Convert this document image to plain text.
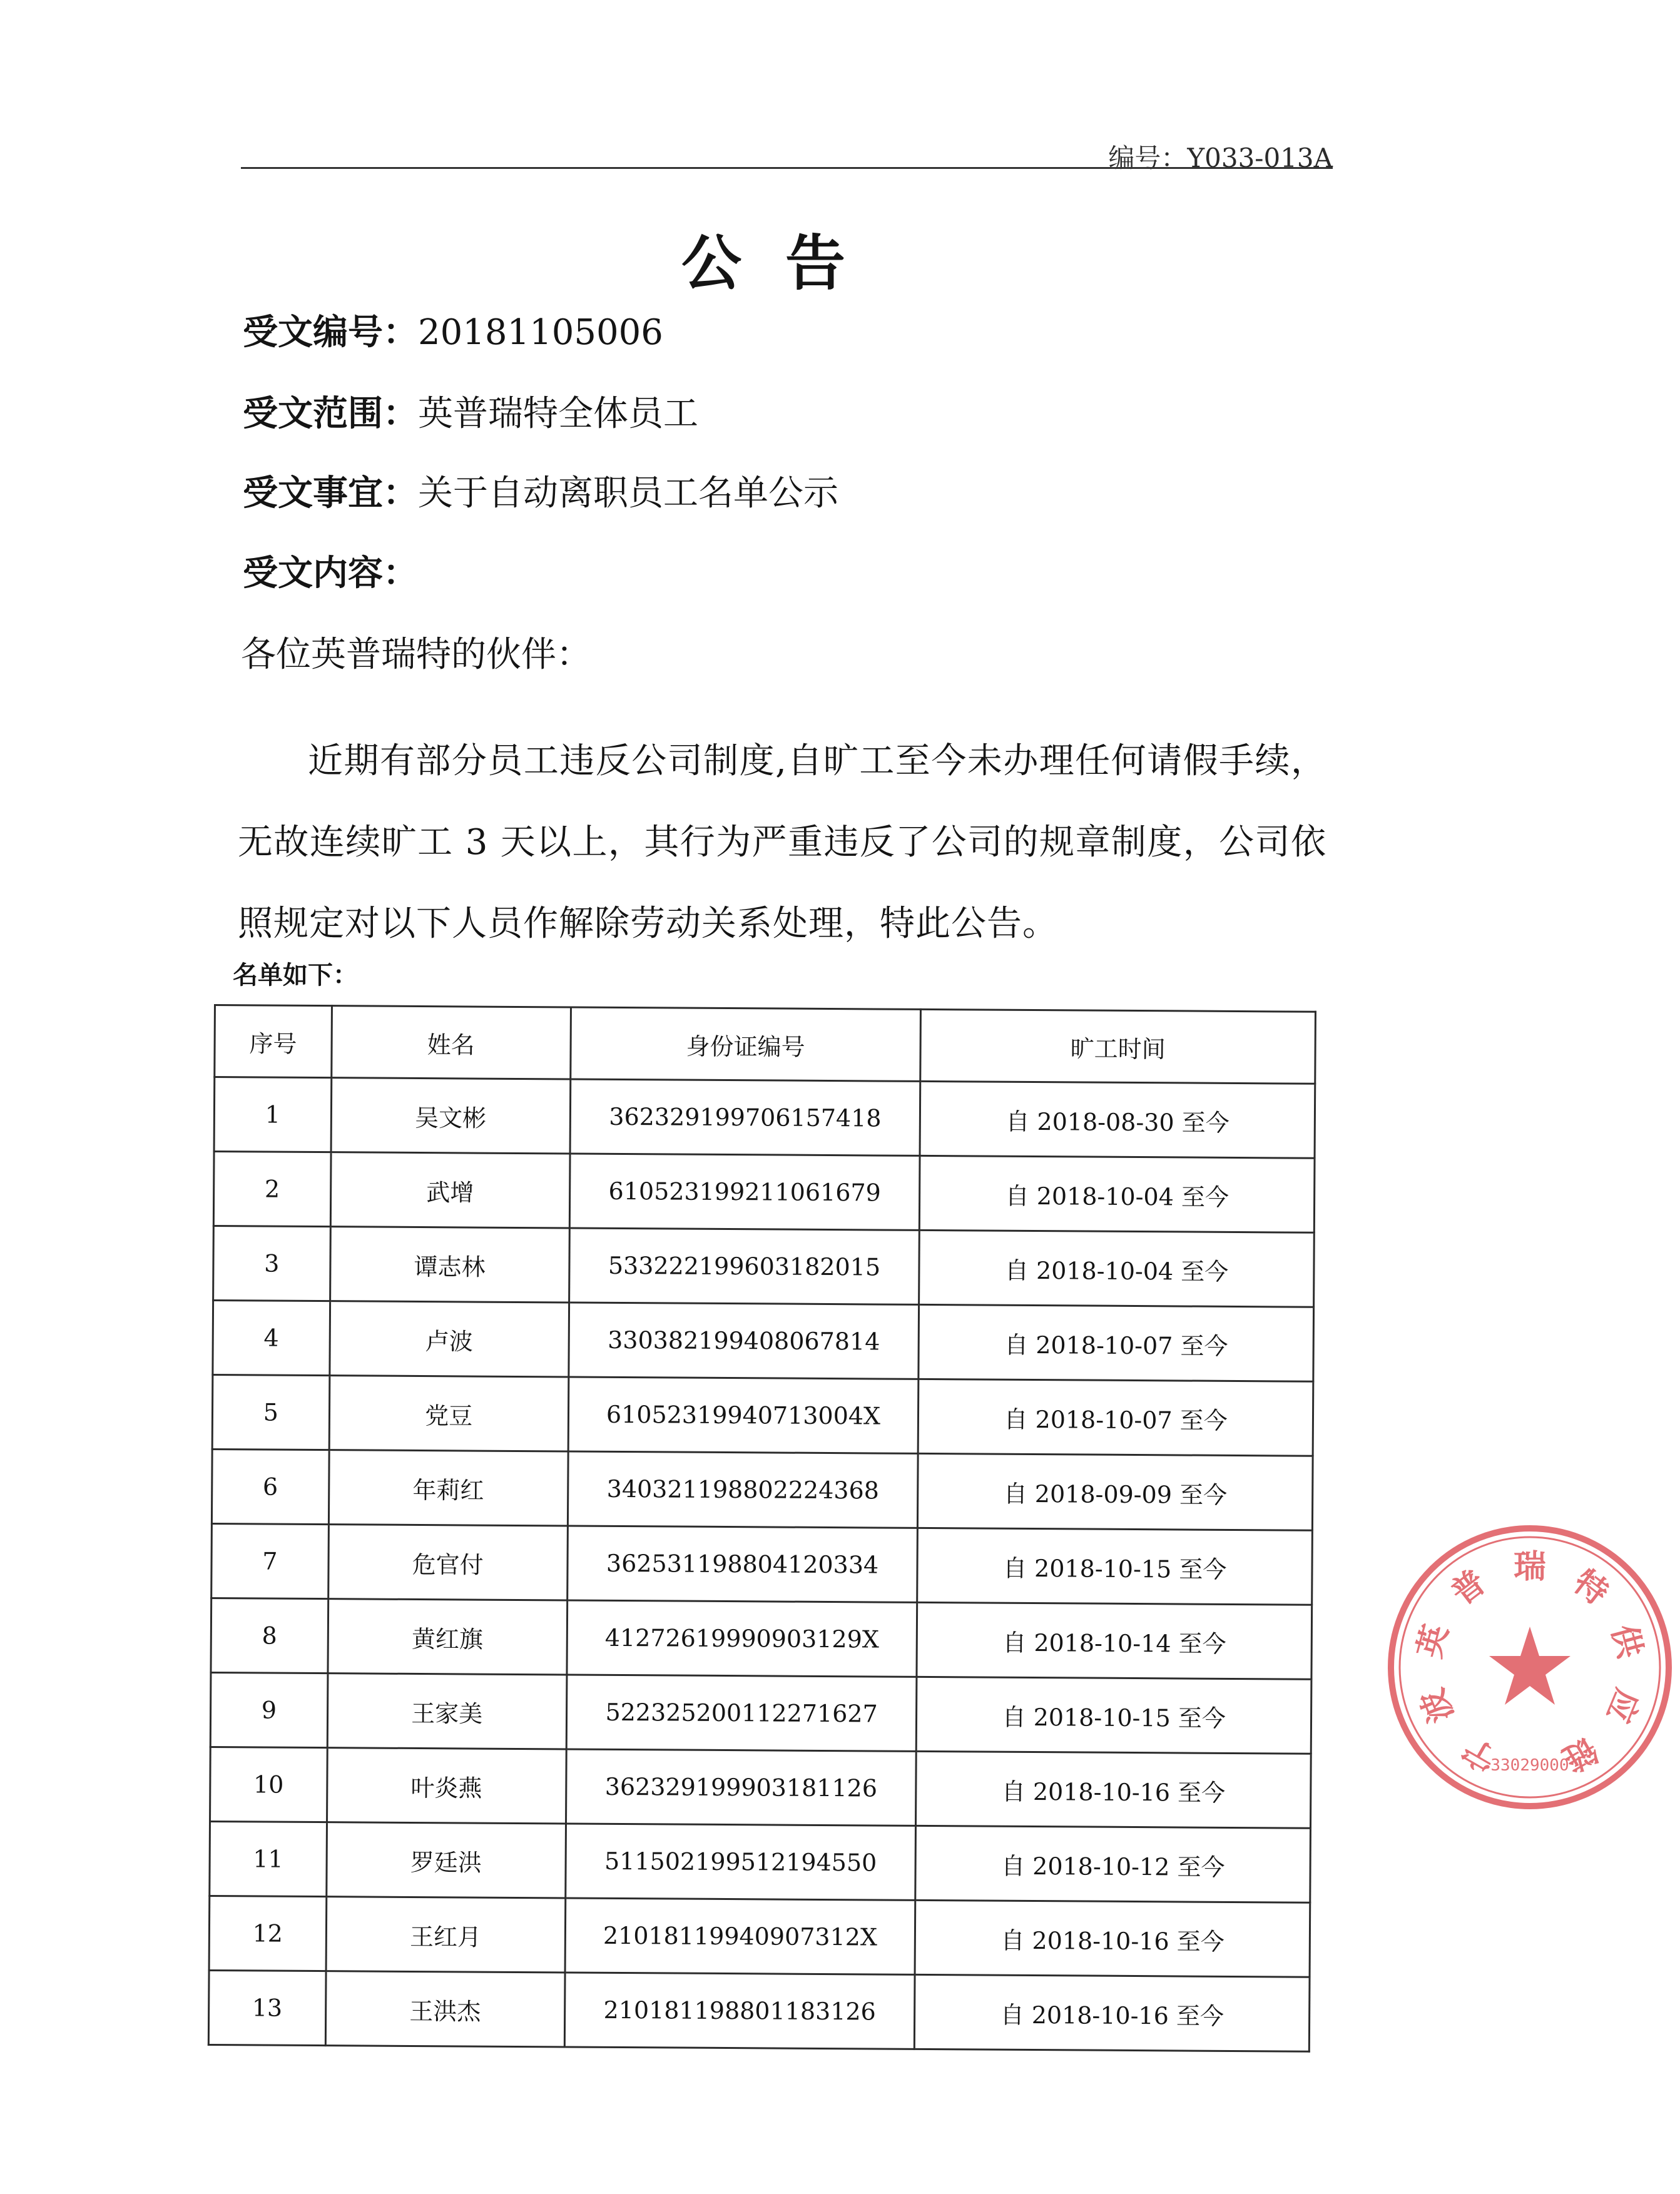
编号：Y033-013A
公告
受文编号：20181105006
受文范围：英普瑞特全体员工
受文事宜：关于自动离职员工名单公示
受文内容：
各位英普瑞特的伙伴：
近期有部分员工违反公司制度,自旷工至今未办理任何请假手续，无故连续旷工 3 天以上，其行为严重违反了公司的规章制度，公司依照规定对以下人员作解除劳动关系处理，特此公告。
名单如下：
序号	姓名	身份证编号	旷工时间
1	吴文彬	362329199706157418	自 2018-08-30 至今
2	武增	610523199211061679	自 2018-10-04 至今
3	谭志林	533222199603182015	自 2018-10-04 至今
4	卢波	330382199408067814	自 2018-10-07 至今
5	党豆	61052319940713004X	自 2018-10-07 至今
6	年莉红	340321198802224368	自 2018-09-09 至今
7	危官付	362531198804120334	自 2018-10-15 至今
8	黄红旗	41272619990903129X	自 2018-10-14 至今
9	王家美	522325200112271627	自 2018-10-15 至今
10	叶炎燕	362329199903181126	自 2018-10-16 至今
11	罗廷洪	511502199512194550	自 2018-10-12 至今
12	王红月	21018119940907312X	自 2018-10-16 至今
13	王洪杰	210181198801183126	自 2018-10-16 至今
宁
波
英
普 瑞 特
供
应
链
33029000
